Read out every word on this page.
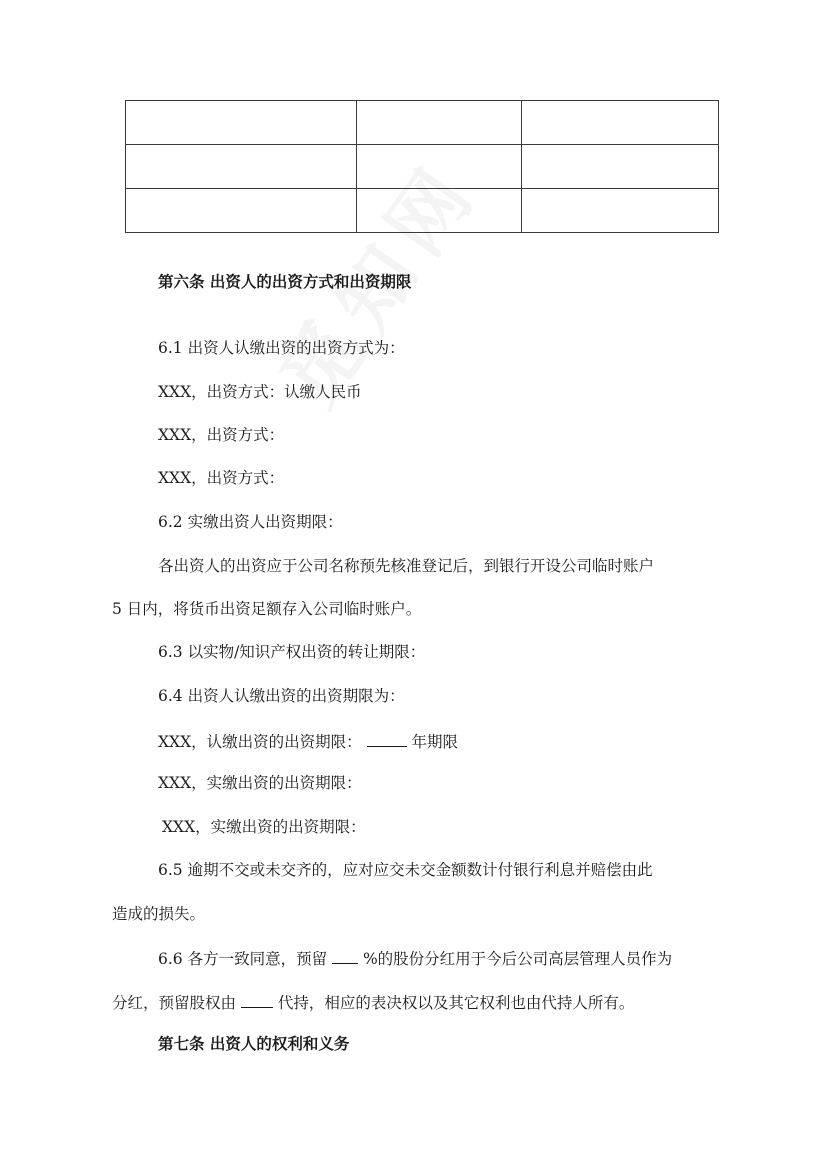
第六条 出资人的出资方式和出资期限
6.1 出资人认缴出资的出资方式为：
XXX，出资方式：认缴人民币
XXX，出资方式：
XXX，出资方式：
6.2 实缴出资人出资期限：
各出资人的出资应于公司名称预先核准登记后，到银行开设公司临时账户
5 日内，将货币出资足额存入公司临时账户。
6.3 以实物/知识产权出资的转让期限：
6.4 出资人认缴出资的出资期限为：
XXX，认缴出资的出资期限：	年期限
XXX，实缴出资的出资期限：
XXX，实缴出资的出资期限：
6.5 逾期不交或未交齐的，应对应交未交金额数计付银行利息并赔偿由此
造成的损失。
6.6 各方一致同意，预留 %的股份分红用于今后公司高层管理人员作为
分红，预留股权由	代持，相应的表决权以及其它权利也由代持人所有。
第七条 出资人的权利和义务
